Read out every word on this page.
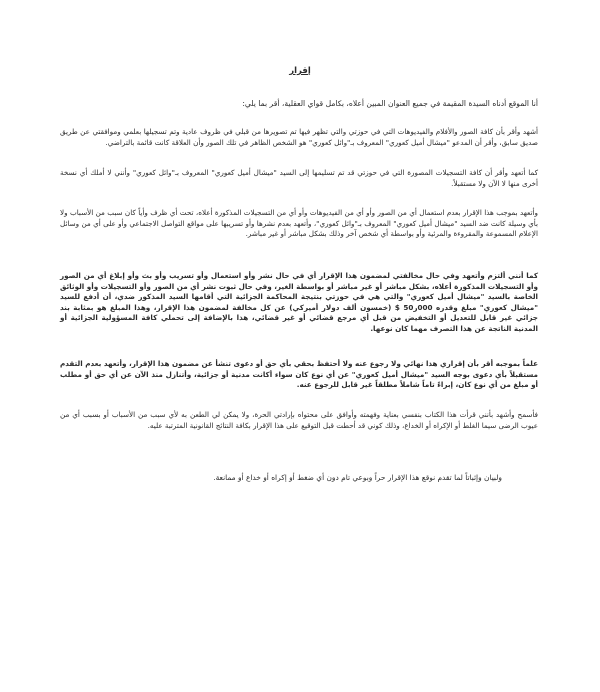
إقرار
أنا الموقع أدناه السيدة المقيمة في جميع العنوان المبين أعلاه، بكامل قواي العقلية، أقر بما يلي:

أشهد وأقر بأن كافة الصور والأفلام والفيديوهات التي في حوزتي والتي تظهر فيها تم تصويرها من قبلي في ظروف عادية وتم تسجيلها بعلمي وموافقتي عن طريق صديق سابق، وأقر أن المدعو "ميشال أميل كعوري" المعروف بـ"وائل كعوري" هو الشخص الظاهر في تلك الصور وأن العلاقة كانت قائمة بالتراضي.

كما أتعهد وأقر أن كافة التسجيلات المصورة التي في حوزتي قد تم تسليمها إلى السيد "ميشال أميل كعوري" المعروف بـ"وائل كعوري" وأنني لا أملك أي نسخة أخرى منها لا الآن ولا مستقبلاً.

وأتعهد بموجب هذا الإقرار بعدم استعمال أي من الصور وأو أي من الفيديوهات وأو أي من التسجيلات المذكورة أعلاه، تحت أي ظرف وأياً كان سبب من الأسباب ولا بأي وسيلة كانت ضد السيد "ميشال أميل كعوري" المعروف بـ"وائل كعوري"، وأتعهد بعدم نشرها وأو تسريبها على مواقع التواصل الاجتماعي وأو على أي من وسائل الإعلام المسموعة والمقروءة والمرئية وأو بواسطة أي شخص آخر وذلك بشكل مباشر أو غير مباشر.

كما أنني ألتزم وأتعهد وفي حال مخالفتي لمضمون هذا الإقرار أي في حال نشر وأو استعمال وأو تسريب وأو بث وأو إبلاغ أي من الصور وأو التسجيلات المذكورة أعلاه، بشكل مباشر أو غير مباشر أو بواسطة الغير، وفي حال ثبوت نشر أي من الصور وأو التسجيلات وأو الوثائق الخاصة بالسيد "ميشال أميل كعوري" والتي هي في حوزتي بنتيجة المحاكمة الجزائية التي أقامها السيد المذكور ضدي، أن أدفع للسيد "ميشال كعوري" مبلغ وقدره 000ر50 $ (خمسون ألف دولار أميركي) عن كل مخالفة لمضمون هذا الإقرار، وهذا المبلغ هو بمثابة بند جزائي غير قابل للتعديل أو التخفيض من قبل أي مرجع قضائي أو غير قضائي، هذا بالإضافة إلى تحملي كافة المسؤولية الجزائية أو المدنية الناتجة عن هذا التصرف مهما كان نوعها.

علماً بموجبه أقر بأن إقراري هذا نهائي ولا رجوع عنه ولا أحتفظ بحقي بأي حق أو دعوى تنشأ عن مضمون هذا الإقرار، وأتعهد بعدم التقدم مستقبلاً بأي دعوى بوجه السيد "ميشال أميل كعوري" عن أي نوع كان سواء أكانت مدنية أو جزائية، وأتنازل منذ الآن عن أي حق أو مطلب أو مبلغ من أي نوع كان، إبراءً تاماً شاملاً مطلقاً غير قابل للرجوع عنه.

فأسمح وأشهد بأنني قرأت هذا الكتاب بنفسي بعناية وفهمته وأوافق على محتواه بإرادتي الحرة، ولا يمكن لي الطعن به لأي سبب من الأسباب أو بسبب أي من عيوب الرضى سيما الغلط أو الإكراه أو الخداع، وذلك كوني قد أحطت قبل التوقيع على هذا الإقرار بكافة النتائج القانونية المترتبة عليه.

ولبيان وإثباتاً لما تقدم نوقع هذا الإقرار حراً وبوعي تام دون أي ضغط أو إكراه أو خداع أو ممانعة.
